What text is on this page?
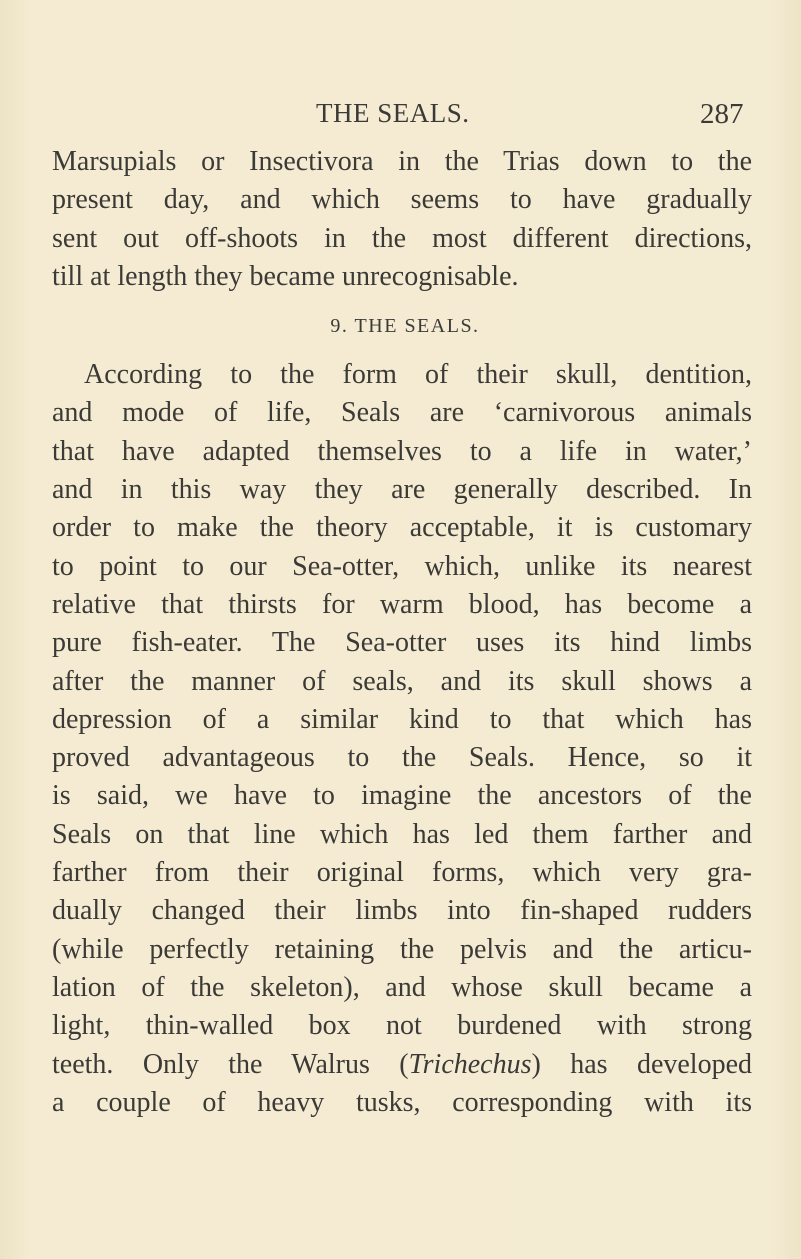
THE SEALS.	287
Marsupials or Insectivora in the Trias down to the
present day, and which seems to have gradually
sent out off-shoots in the most different directions,
till at length they became unrecognisable.
9. THE SEALS.
According to the form of their skull, dentition,
and mode of life, Seals are ‘carnivorous animals
that have adapted themselves to a life in water,’
and in this way they are generally described. In
order to make the theory acceptable, it is customary
to point to our Sea-otter, which, unlike its nearest
relative that thirsts for warm blood, has become a
pure fish-eater. The Sea-otter uses its hind limbs
after the manner of seals, and its skull shows a
depression of a similar kind to that which has
proved advantageous to the Seals. Hence, so it
is said, we have to imagine the ancestors of the
Seals on that line which has led them farther and
farther from their original forms, which very gra-
dually changed their limbs into fin-shaped rudders
(while perfectly retaining the pelvis and the articu-
lation of the skeleton), and whose skull became a
light, thin-walled box not burdened with strong
teeth. Only the Walrus (Trichechus) has developed
a couple of heavy tusks, corresponding with its
